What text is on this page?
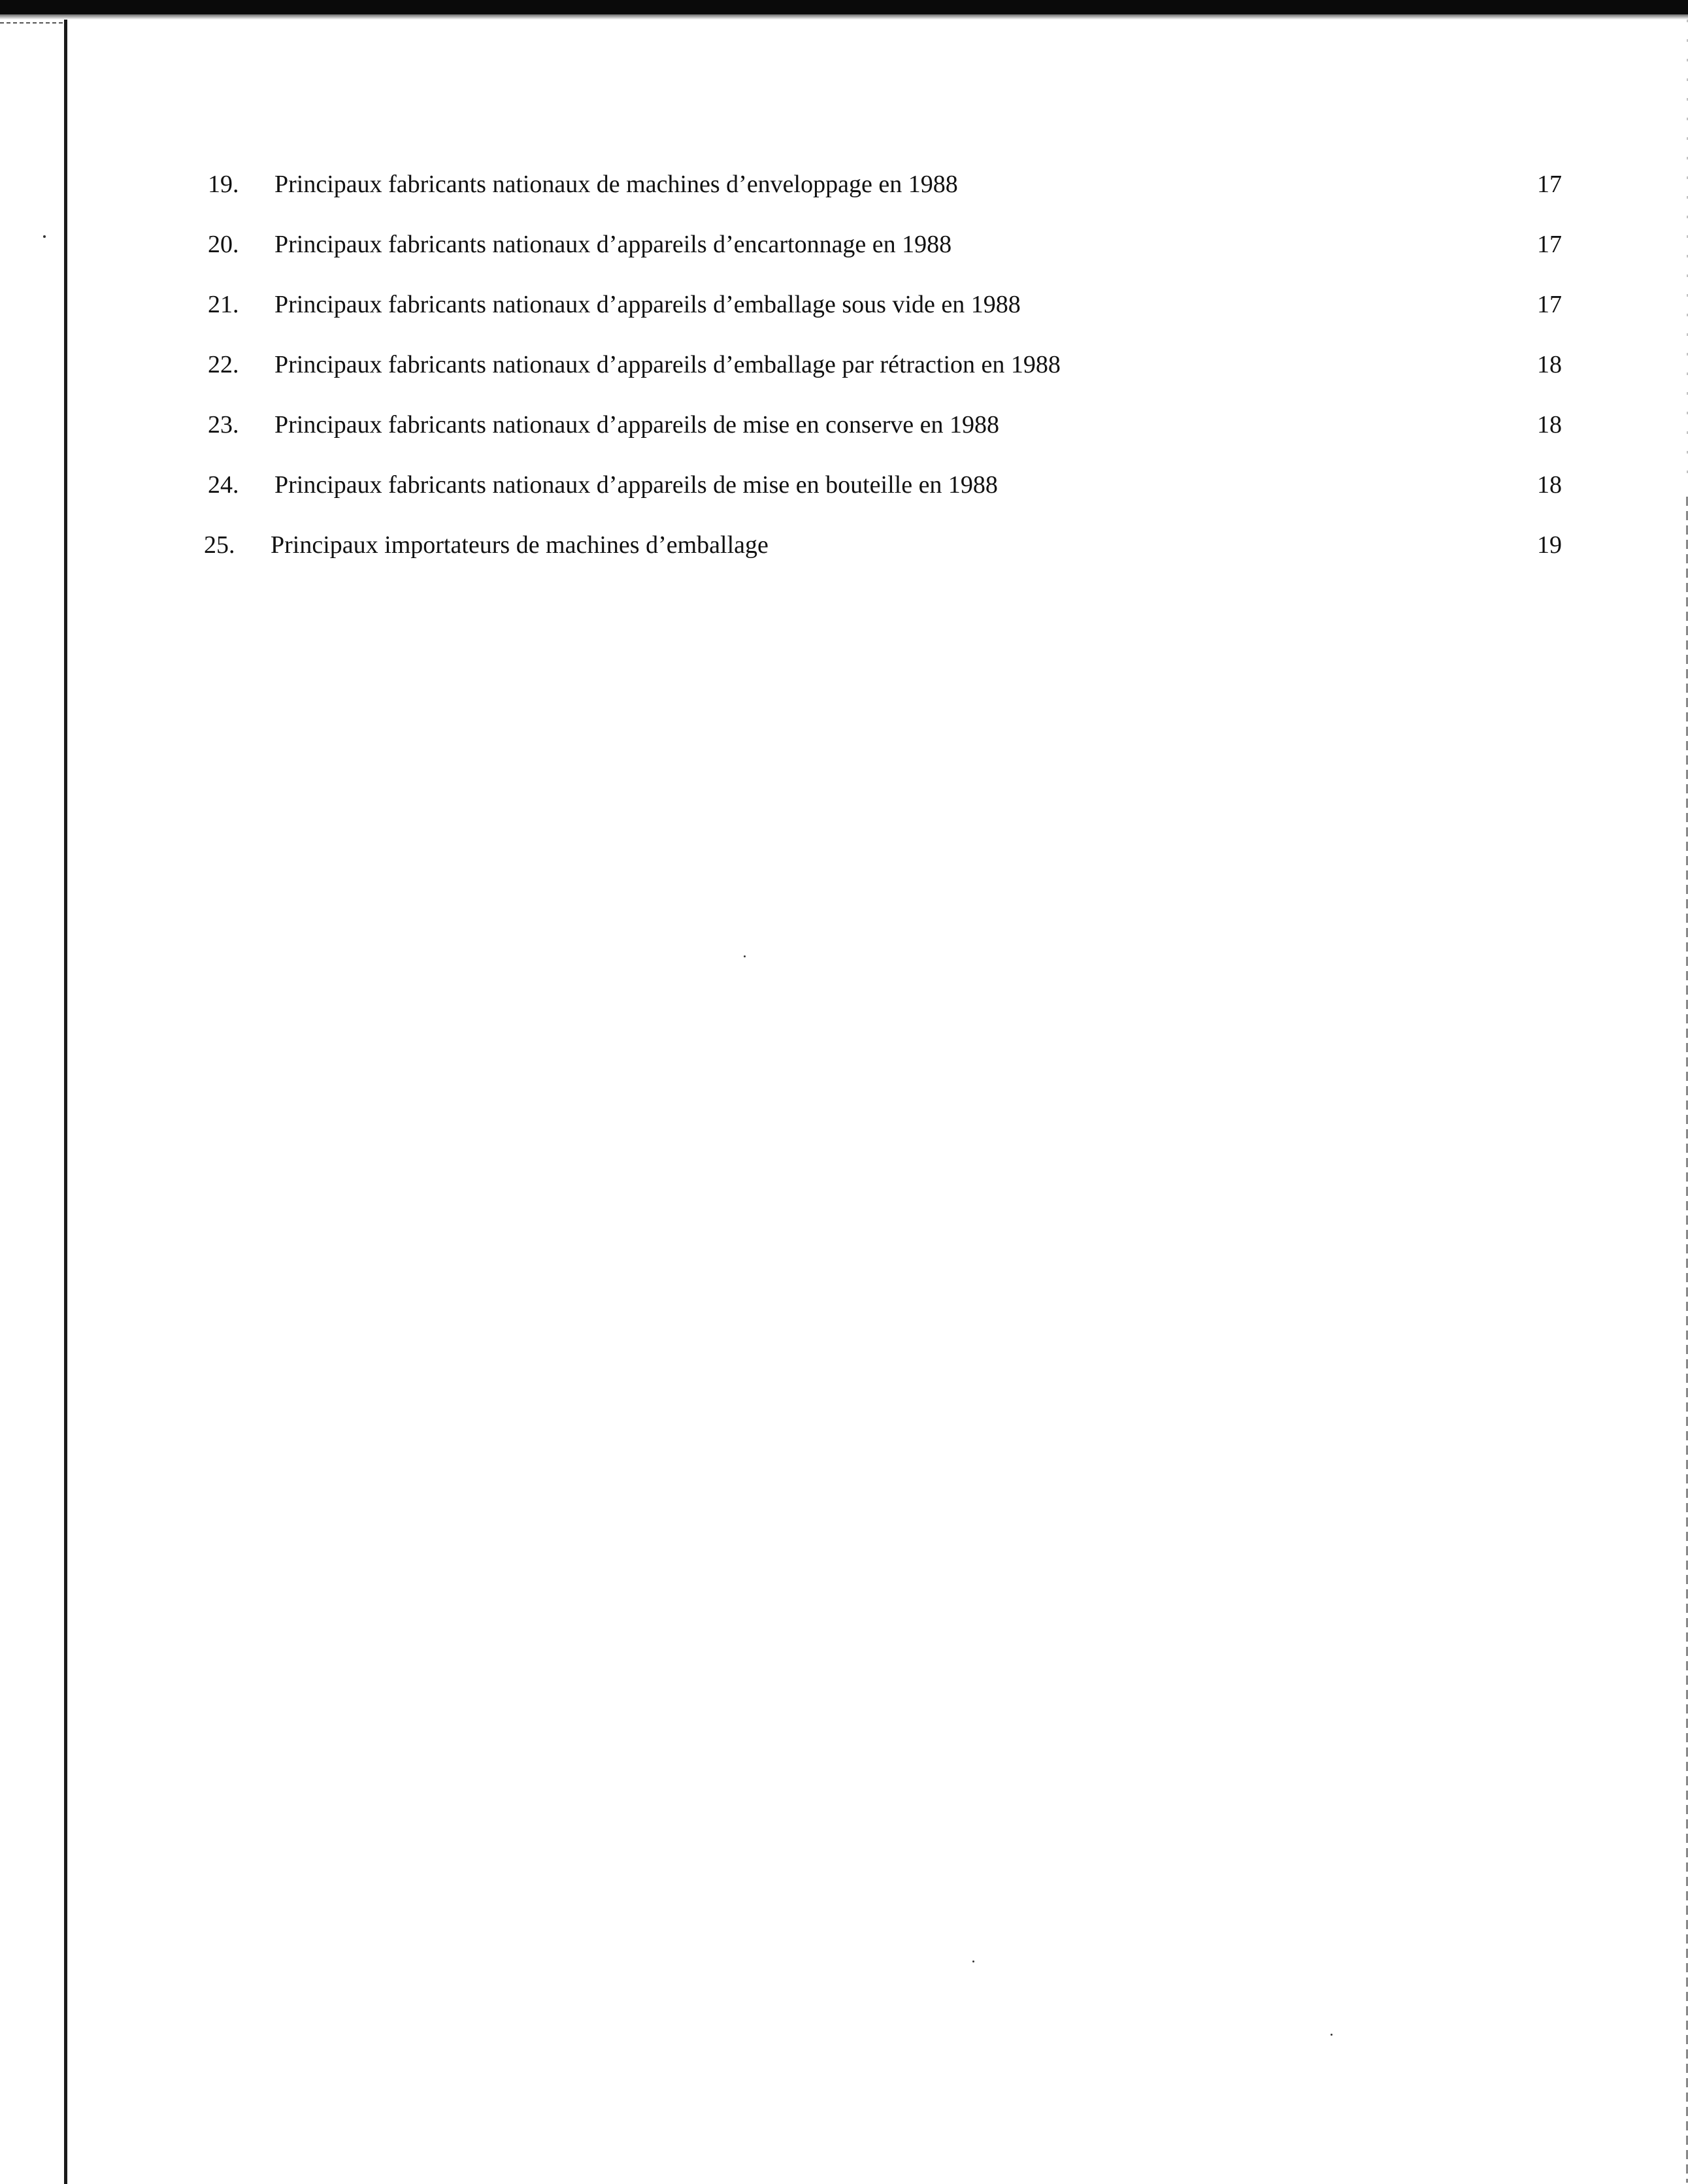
19.	Principaux fabricants nationaux de machines d’enveloppage en 1988	17
20.	Principaux fabricants nationaux d’appareils d’encartonnage en 1988	17
21.	Principaux fabricants nationaux d’appareils d’emballage sous vide en 1988	17
22.	Principaux fabricants nationaux d’appareils d’emballage par rétraction en 1988	18
23.	Principaux fabricants nationaux d’appareils de mise en conserve en 1988	18
24.	Principaux fabricants nationaux d’appareils de mise en bouteille en 1988	18
25.	Principaux importateurs de machines d’emballage	19
